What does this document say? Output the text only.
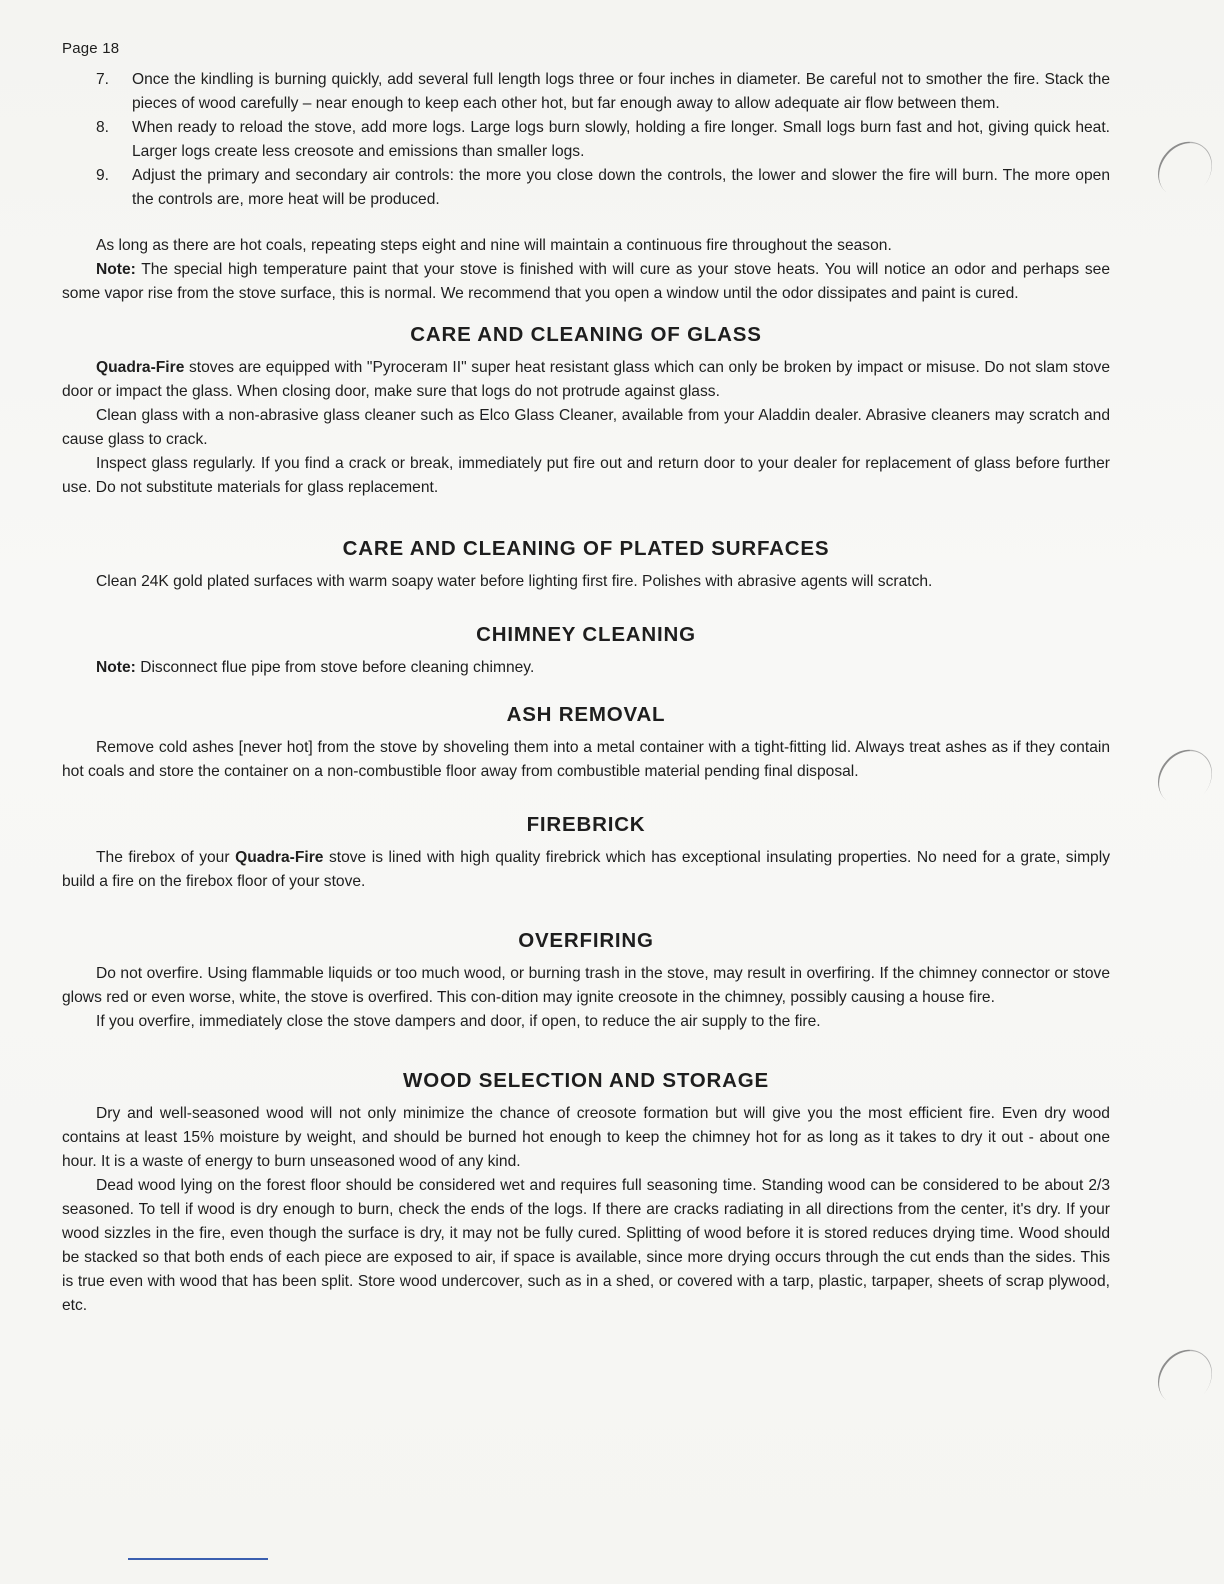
Page 18
7. Once the kindling is burning quickly, add several full length logs three or four inches in diameter. Be careful not to smother the fire. Stack the pieces of wood carefully – near enough to keep each other hot, but far enough away to allow adequate air flow between them.
8. When ready to reload the stove, add more logs. Large logs burn slowly, holding a fire longer. Small logs burn fast and hot, giving quick heat. Larger logs create less creosote and emissions than smaller logs.
9. Adjust the primary and secondary air controls: the more you close down the controls, the lower and slower the fire will burn. The more open the controls are, more heat will be produced.

As long as there are hot coals, repeating steps eight and nine will maintain a continuous fire throughout the season.

Note: The special high temperature paint that your stove is finished with will cure as your stove heats. You will notice an odor and perhaps see some vapor rise from the stove surface, this is normal. We recommend that you open a window until the odor dissipates and paint is cured.

CARE AND CLEANING OF GLASS

Quadra-Fire stoves are equipped with "Pyroceram II" super heat resistant glass which can only be broken by impact or misuse. Do not slam stove door or impact the glass. When closing door, make sure that logs do not protrude against glass.

Clean glass with a non-abrasive glass cleaner such as Elco Glass Cleaner, available from your Aladdin dealer. Abrasive cleaners may scratch and cause glass to crack.

Inspect glass regularly. If you find a crack or break, immediately put fire out and return door to your dealer for replacement of glass before further use. Do not substitute materials for glass replacement.

CARE AND CLEANING OF PLATED SURFACES

Clean 24K gold plated surfaces with warm soapy water before lighting first fire. Polishes with abrasive agents will scratch.

CHIMNEY CLEANING

Note: Disconnect flue pipe from stove before cleaning chimney.

ASH REMOVAL

Remove cold ashes [never hot] from the stove by shoveling them into a metal container with a tight-fitting lid. Always treat ashes as if they contain hot coals and store the container on a non-combustible floor away from combustible material pending final disposal.

FIREBRICK

The firebox of your Quadra-Fire stove is lined with high quality firebrick which has exceptional insulating properties. No need for a grate, simply build a fire on the firebox floor of your stove.

OVERFIRING

Do not overfire. Using flammable liquids or too much wood, or burning trash in the stove, may result in overfiring. If the chimney connector or stove glows red or even worse, white, the stove is overfired. This con-dition may ignite creosote in the chimney, possibly causing a house fire.

If you overfire, immediately close the stove dampers and door, if open, to reduce the air supply to the fire.

WOOD SELECTION AND STORAGE

Dry and well-seasoned wood will not only minimize the chance of creosote formation but will give you the most efficient fire. Even dry wood contains at least 15% moisture by weight, and should be burned hot enough to keep the chimney hot for as long as it takes to dry it out - about one hour. It is a waste of energy to burn unseasoned wood of any kind.

Dead wood lying on the forest floor should be considered wet and requires full seasoning time. Standing wood can be considered to be about 2/3 seasoned. To tell if wood is dry enough to burn, check the ends of the logs. If there are cracks radiating in all directions from the center, it's dry. If your wood sizzles in the fire, even though the surface is dry, it may not be fully cured. Splitting of wood before it is stored reduces drying time. Wood should be stacked so that both ends of each piece are exposed to air, if space is available, since more drying occurs through the cut ends than the sides. This is true even with wood that has been split. Store wood undercover, such as in a shed, or covered with a tarp, plastic, tarpaper, sheets of scrap plywood, etc.
